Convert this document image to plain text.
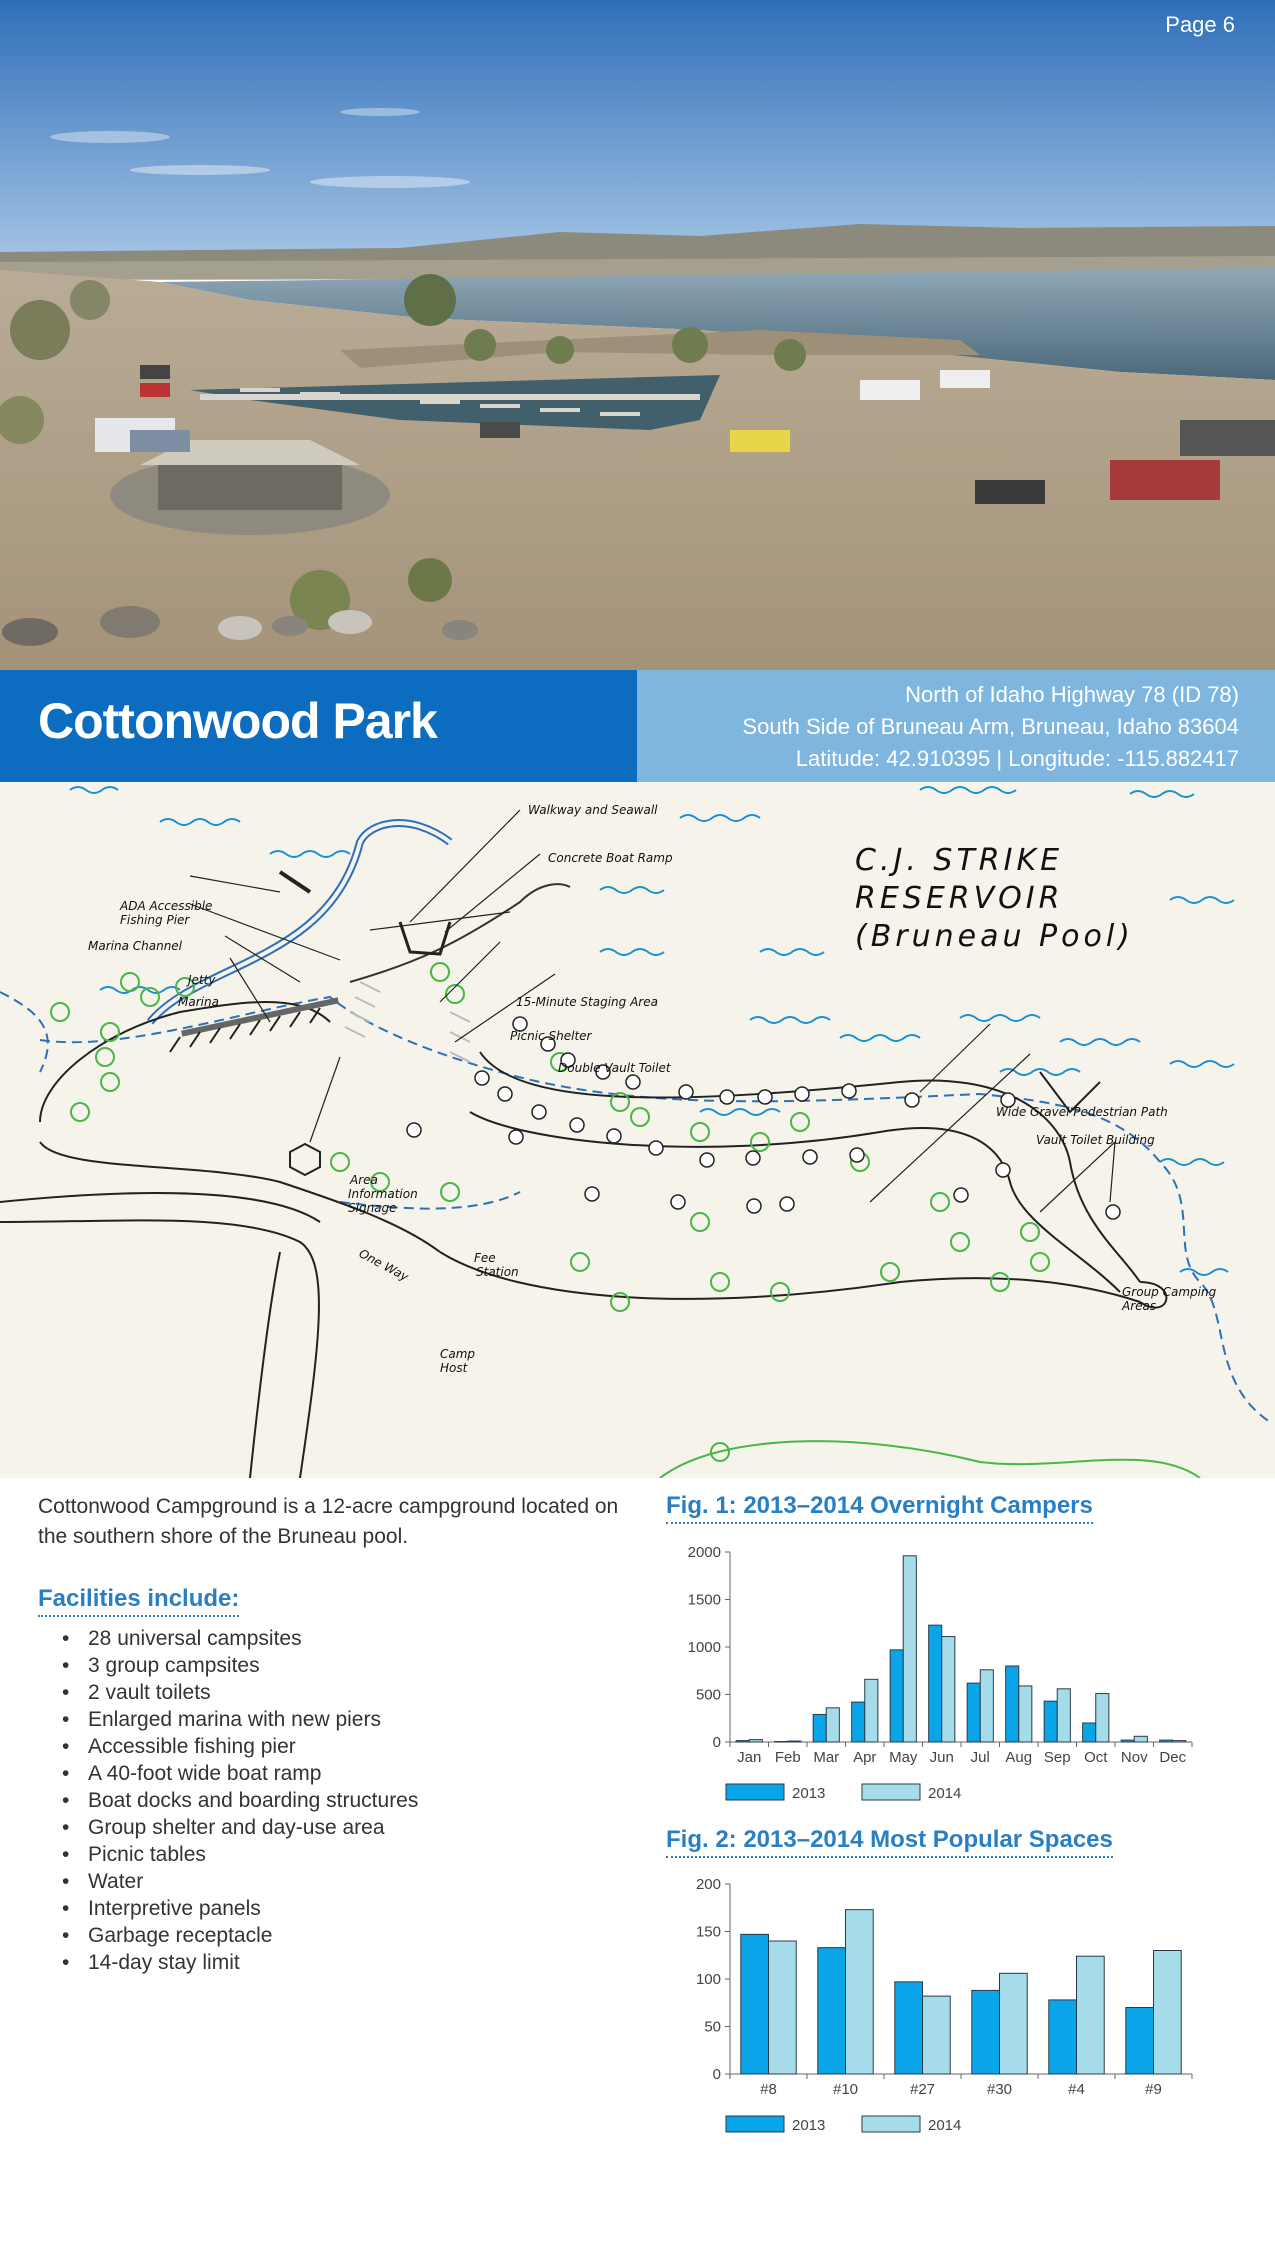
Page 6
Cottonwood Park	North of Idaho Highway 78 (ID 78)
South Side of Bruneau Arm, Bruneau, Idaho 83604
Latitude: 42.910395 | Longitude: -115.882417
Walkway and Seawall
Concrete Boat Ramp
ADA Accessible
Fishing Pier
Marina Channel
Jetty
Marina	15-Minute Staging Area
Picnic Shelter
Double Vault Toilet
Wide Gravel Pedestrian Path
Vault Toilet Building
Area
Information
Signage
One Way	Fee
Station
Camp
Host
Group Camping
Areas
C.J. STRIKE
RESERVOIR
(Bruneau Pool)
Cottonwood Campground is a 12-acre campground located on the southern shore of the Bruneau pool.
Facilities include:
• 28 universal campsites
• 3 group campsites
• 2 vault toilets
• Enlarged marina with new piers
• Accessible fishing pier
• A 40-foot wide boat ramp
• Boat docks and boarding structures
• Group shelter and day-use area
• Picnic tables
• Water
• Interpretive panels
• Garbage receptacle
• 14-day stay limit
Fig. 1: 2013–2014 Overnight Campers
0
500
1000
1500
2000
Jan Feb Mar Apr May Jun Jul Aug Sep Oct Nov Dec
2013	2014
Fig. 2: 2013–2014 Most Popular Spaces
0
50
100
150
200
#8	#10	#27	#30	#4	#9
2013	2014
